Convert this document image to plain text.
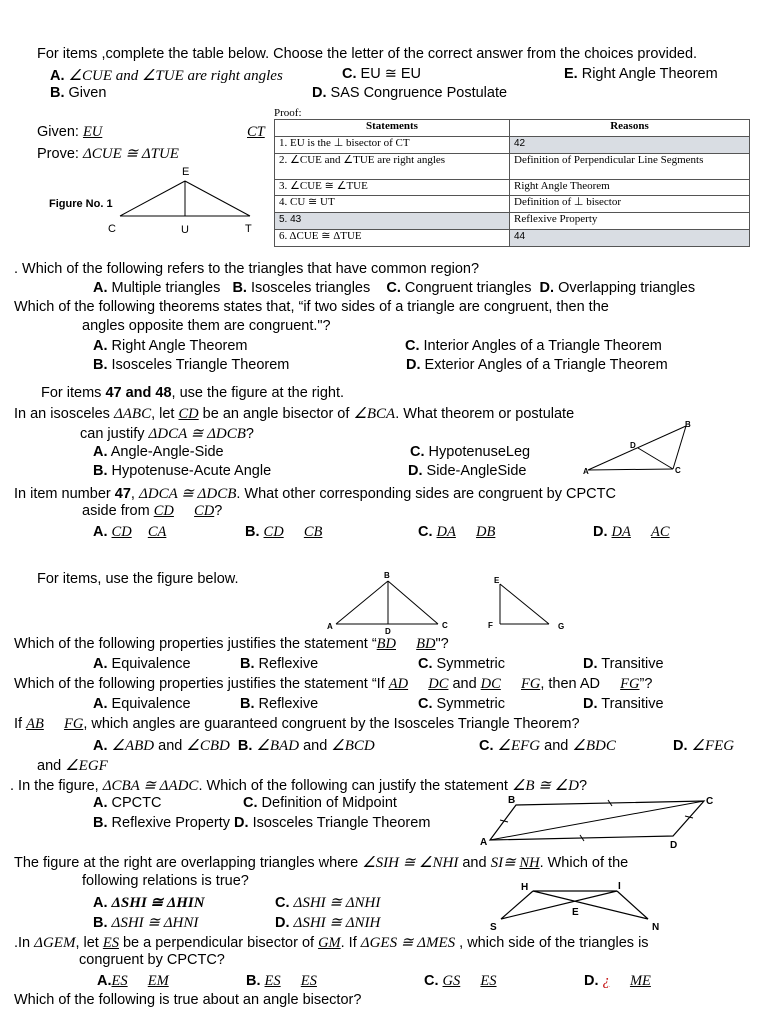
For items ,complete the table below. Choose the letter of the correct answer from the choices provided.
A. ∠CUE and ∠TUE are right angles	C. EU ≅ EU	E. Right Angle Theorem
B. Given	D. SAS Congruence Postulate
Given: EU	CT
Prove: ΔCUE ≅ ΔTUE
E
Figure No. 1
C	U	T
Proof:
Statements	Reasons
1. EU is the ⊥ bisector of CT	42
2. ∠CUE and ∠TUE are right angles	Definition of Perpendicular Line Segments
3. ∠CUE ≅ ∠TUE	Right Angle Theorem
4. CU ≅ UT	Definition of ⊥ bisector
5. 43	Reflexive Property
6. ΔCUE ≅ ΔTUE	44
. Which of the following refers to the triangles that have common region?
A. Multiple triangles B. Isosceles triangles C. Congruent triangles D. Overlapping triangles
Which of the following theorems states that, “if two sides of a triangle are congruent, then the
angles opposite them are congruent."?
A. Right Angle Theorem	C. Interior Angles of a Triangle Theorem
B. Isosceles Triangle Theorem	D. Exterior Angles of a Triangle Theorem
For items 47 and 48, use the figure at the right.
In an isosceles ΔABC, let CD be an angle bisector of ∠BCA. What theorem or postulate
can justify ΔDCA ≅ ΔDCB?
A. Angle-Angle-Side	C. HypotenuseLeg
B. Hypotenuse-Acute Angle	D. Side-AngleSide
B
D
A	C
In item number 47, ΔDCA ≅ ΔDCB. What other corresponding sides are congruent by CPCTC
aside from CD CD?
A. CD CA	B. CD CB	C. DA DB	D. DA AC
For items, use the figure below.	B
A
D
C
E
F	G
Which of the following properties justifies the statement “BD BD"?
A. Equivalence	B. Reflexive	C. Symmetric	D. Transitive
Which of the following properties justifies the statement “If AD DC and DC FG, then AD     FG”?
A. Equivalence	B. Reflexive	C. Symmetric	D. Transitive
If AB FG, which angles are guaranteed congruent by the Isosceles Triangle Theorem?
A. ∠ABD and ∠CBD B. ∠BAD and ∠BCD	C. ∠EFG and ∠BDC	D. ∠FEG
and ∠EGF
. In the figure, ΔCBA ≅ ΔADC. Which of the following can justify the statement ∠B ≅ ∠D?
A. CPCTC	C. Definition of Midpoint
B. Reflexive Property D. Isosceles Triangle Theorem
B	C
A	D
The figure at the right are overlapping triangles where ∠SIH ≅ ∠NHI and SI≅ NH. Which of the
following relations is true?
A. ΔSHI ≅ ΔHIN	C. ΔSHI ≅ ΔNHI
B. ΔSHI ≅ ΔHNI	D. ΔSHI ≅ ΔNIH
H	I
E
S	N
.In ΔGEM, let ES be a perpendicular bisector of GM. If ΔGES ≅ ΔMES , which side of the triangles is
congruent by CPCTC?
A.ES EM	B. ES ES	C. GS ES	D. ¿ ME
Which of the following is true about an angle bisector?
